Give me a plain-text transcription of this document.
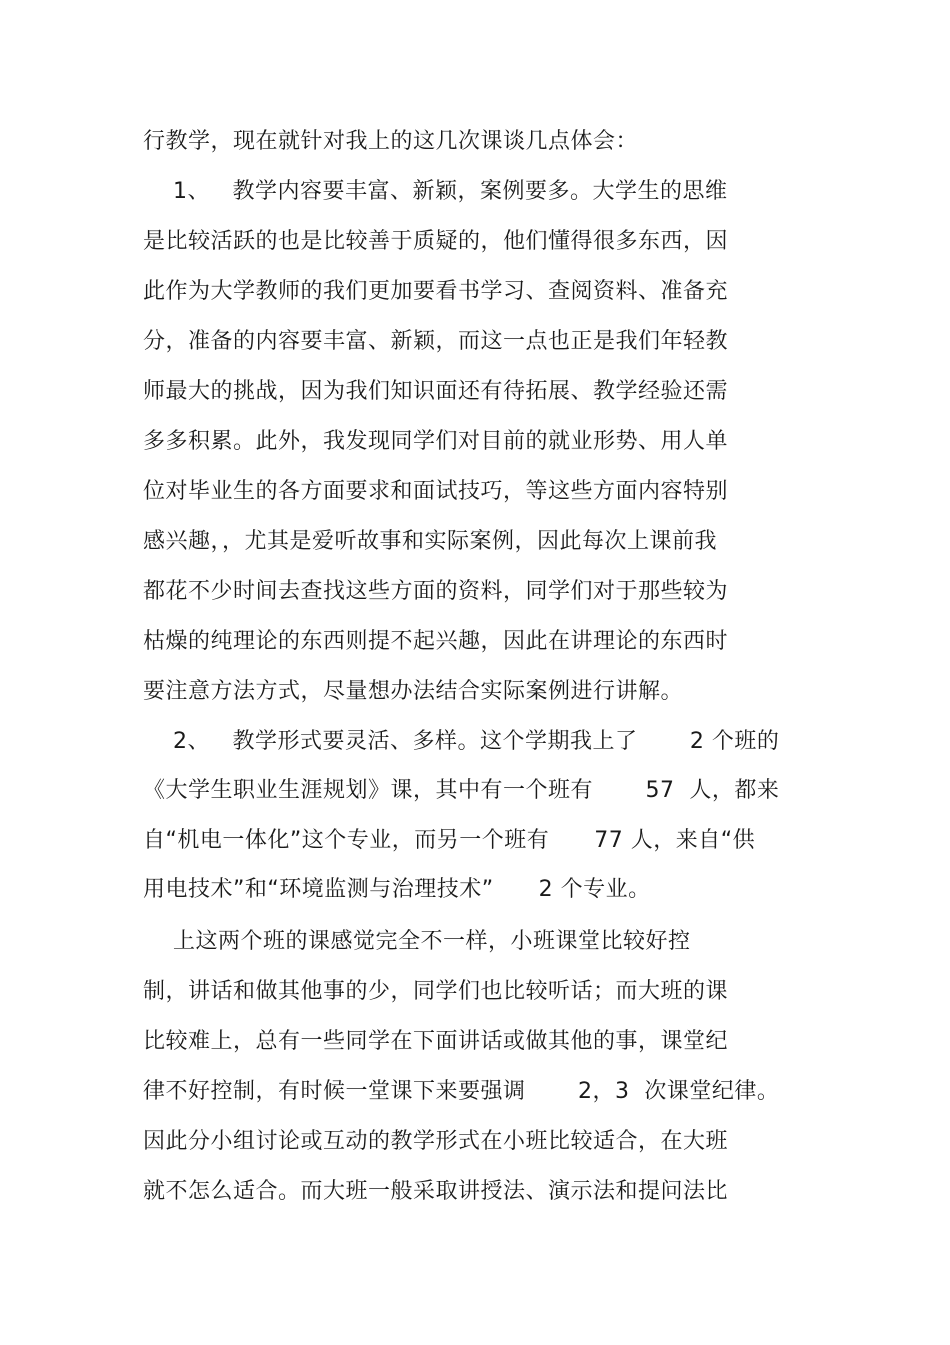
行教学，现在就针对我上的这几次课谈几点体会：
1、   教学内容要丰富、新颖，案例要多。大学生的思维
是比较活跃的也是比较善于质疑的，他们懂得很多东西，因
此作为大学教师的我们更加要看书学习、查阅资料、准备充
分，准备的内容要丰富、新颖，而这一点也正是我们年轻教
师最大的挑战，因为我们知识面还有待拓展、教学经验还需
多多积累。此外，我发现同学们对目前的就业形势、用人单
位对毕业生的各方面要求和面试技巧，等这些方面内容特别
感兴趣，，尤其是爱听故事和实际案例，因此每次上课前我
都花不少时间去查找这些方面的资料，同学们对于那些较为
枯燥的纯理论的东西则提不起兴趣，因此在讲理论的东西时
要注意方法方式，尽量想办法结合实际案例进行讲解。
2、   教学形式要灵活、多样。这个学期我上了       2 个班的
《大学生职业生涯规划》课，其中有一个班有       57  人，都来
自“机电一体化”这个专业，而另一个班有      77 人，来自“供
用电技术”和“环境监测与治理技术”      2 个专业。
上这两个班的课感觉完全不一样，小班课堂比较好控
制，讲话和做其他事的少，同学们也比较听话；而大班的课
比较难上，总有一些同学在下面讲话或做其他的事，课堂纪
律不好控制，有时候一堂课下来要强调       2，3  次课堂纪律。
因此分小组讨论或互动的教学形式在小班比较适合，在大班
就不怎么适合。而大班一般采取讲授法、演示法和提问法比
